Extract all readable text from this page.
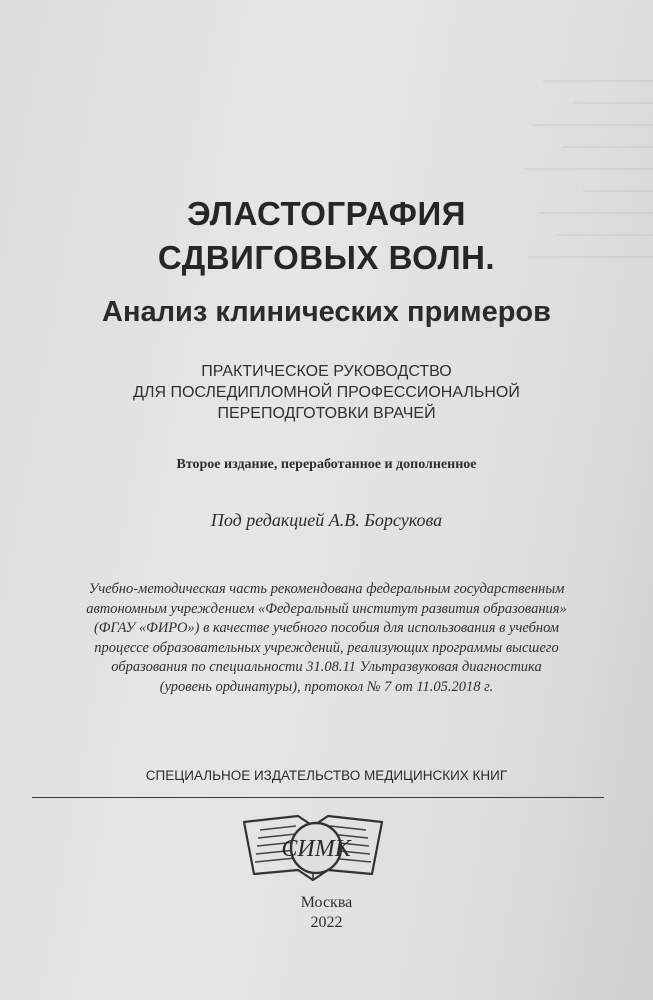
ЭЛАСТОГРАФИЯ
СДВИГОВЫХ ВОЛН.
Анализ клинических примеров
ПРАКТИЧЕСКОЕ РУКОВОДСТВО
ДЛЯ ПОСЛЕДИПЛОМНОЙ ПРОФЕССИОНАЛЬНОЙ
ПЕРЕПОДГОТОВКИ ВРАЧЕЙ
Второе издание, переработанное и дополненное
Под редакцией А.В. Борсукова
Учебно-методическая часть рекомендована федеральным государственным
автономным учреждением «Федеральный институт развития образования»
(ФГАУ «ФИРО») в качестве учебного пособия для использования в учебном
процессе образовательных учреждений, реализующих программы высшего
образования по специальности 31.08.11 Ультразвуковая диагностика
(уровень ординатуры), протокол № 7 от 11.05.2018 г.
СПЕЦИАЛЬНОЕ ИЗДАТЕЛЬСТВО МЕДИЦИНСКИХ КНИГ
СИМК
Москва
2022
